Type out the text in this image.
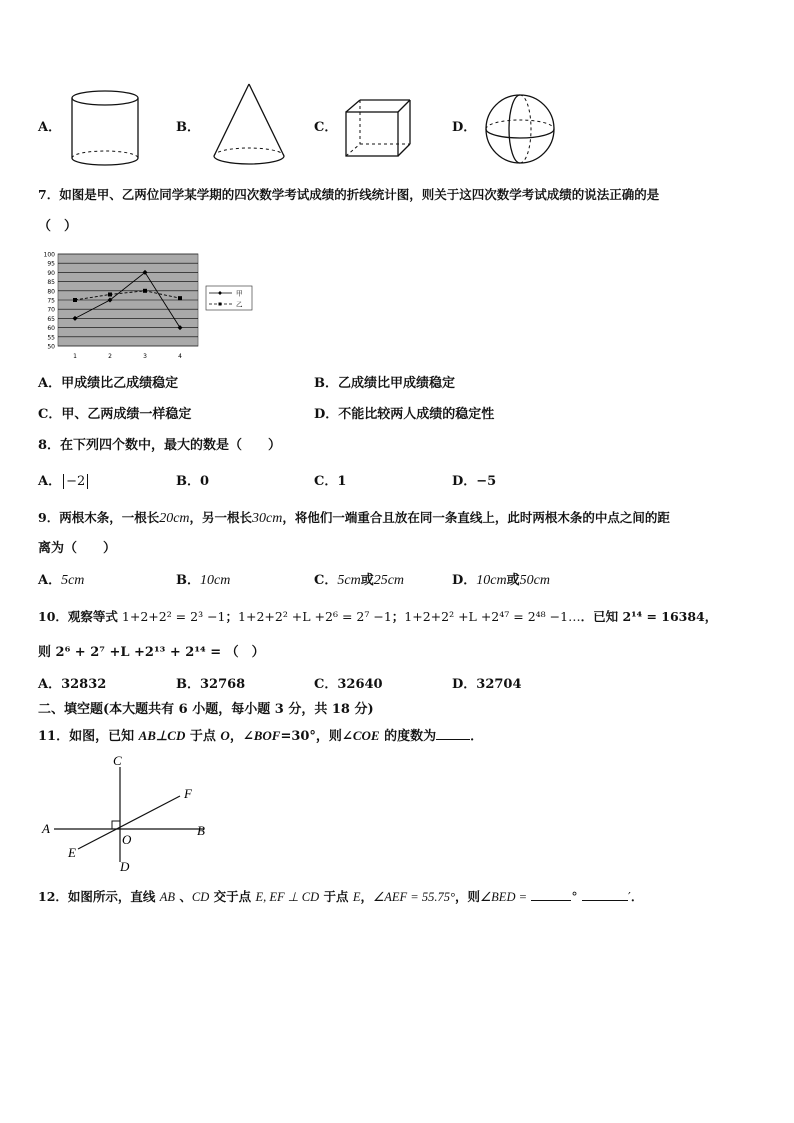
A．	B．	C．	D．
7．如图是甲、乙两位同学某学期的四次数学考试成绩的折线统计图，则关于这四次数学考试成绩的说法正确的是
（　）
100
95
90
85
80
75
70
65
60
55
50
1	2	3	4
甲
乙
A．甲成绩比乙成绩稳定	B．乙成绩比甲成绩稳定
C．甲、乙两成绩一样稳定	D．不能比较两人成绩的稳定性
8．在下列四个数中，最大的数是（　　）
A． −2	B．0	C．1	D．−5
9．两根木条，一根长20cm，另一根长30cm，将他们一端重合且放在同一条直线上，此时两根木条的中点之间的距
离为（　　）
A．5cm	B．10cm	C．5cm或25cm	D．10cm或50cm
10．观察等式 1+2+2² = 2³ −1；1+2+2² +L +2⁶ = 2⁷ −1；1+2+2² +L +2⁴⁷ = 2⁴⁸ −1…．已知 2¹⁴ = 16384，
则 2⁶ + 2⁷ +L +2¹³ + 2¹⁴ = （　）
A．32832	B．32768	C．32640	D．32704
二、填空题(本大题共有 6 小题，每小题 3 分，共 18 分)
11．如图，已知 AB⊥CD 于点 O，∠BOF=30°，则∠COE 的度数为	．
A	B
C
D
E
F
O
12．如图所示，直线 AB 、CD 交于点 E, EF ⊥ CD 于点 E，∠AEF = 55.75°，则∠BED =	°	′．
